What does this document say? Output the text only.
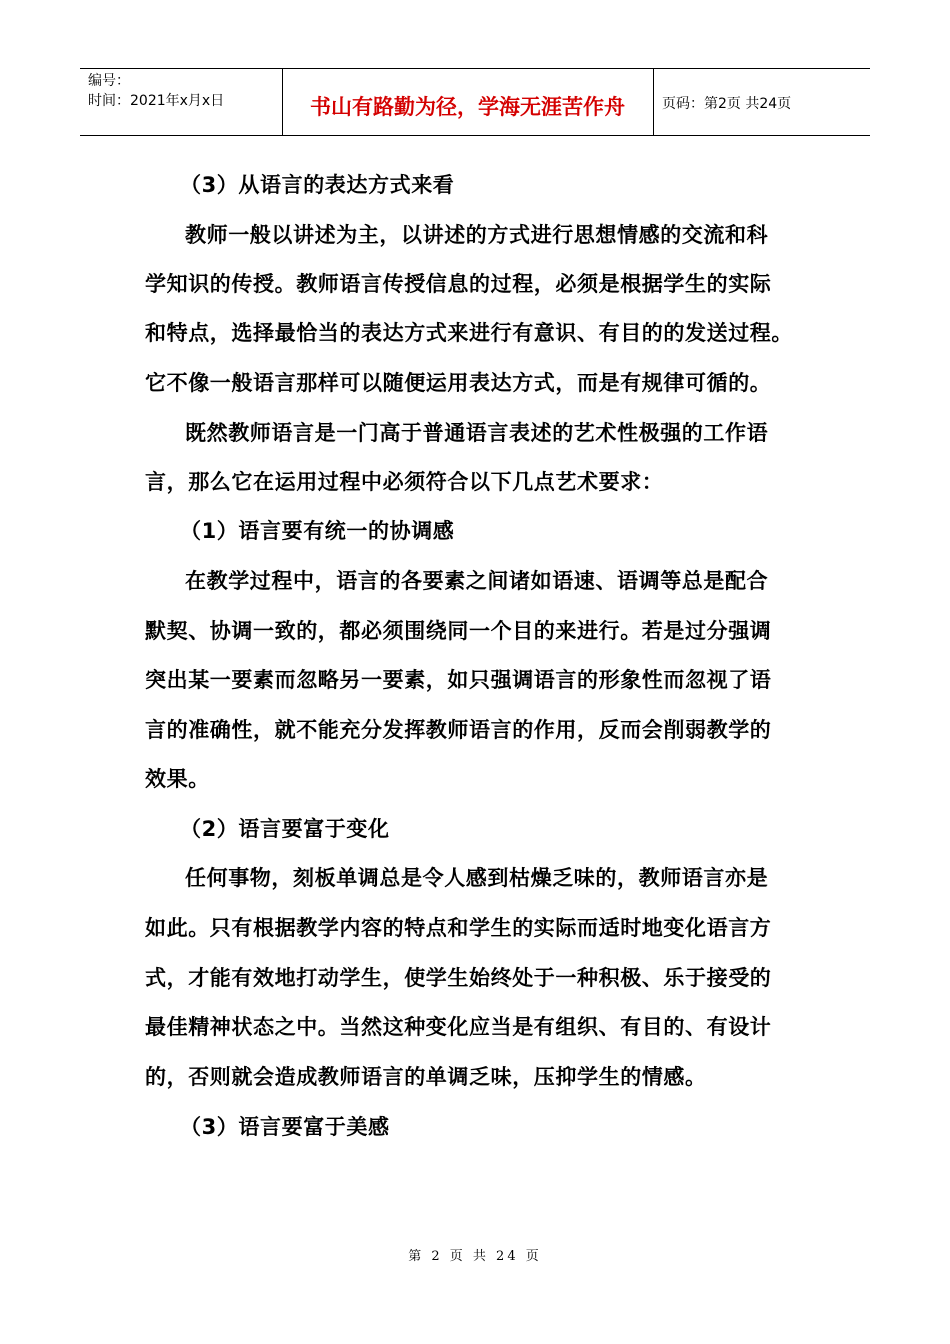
编号：
时间：2021年x月x日	书山有路勤为径，学海无涯苦作舟	页码：第2页 共24页
（3）从语言的表达方式来看
教师一般以讲述为主，以讲述的方式进行思想情感的交流和科
学知识的传授。教师语言传授信息的过程，必须是根据学生的实际
和特点，选择最恰当的表达方式来进行有意识、有目的的发送过程。
它不像一般语言那样可以随便运用表达方式，而是有规律可循的。
既然教师语言是一门高于普通语言表述的艺术性极强的工作语
言，那么它在运用过程中必须符合以下几点艺术要求：
（1）语言要有统一的协调感
在教学过程中，语言的各要素之间诸如语速、语调等总是配合
默契、协调一致的，都必须围绕同一个目的来进行。若是过分强调
突出某一要素而忽略另一要素，如只强调语言的形象性而忽视了语
言的准确性，就不能充分发挥教师语言的作用，反而会削弱教学的
效果。
（2）语言要富于变化
任何事物，刻板单调总是令人感到枯燥乏味的，教师语言亦是
如此。只有根据教学内容的特点和学生的实际而适时地变化语言方
式，才能有效地打动学生，使学生始终处于一种积极、乐于接受的
最佳精神状态之中。当然这种变化应当是有组织、有目的、有设计
的，否则就会造成教师语言的单调乏味，压抑学生的情感。
（3）语言要富于美感
第 2 页 共 24 页
